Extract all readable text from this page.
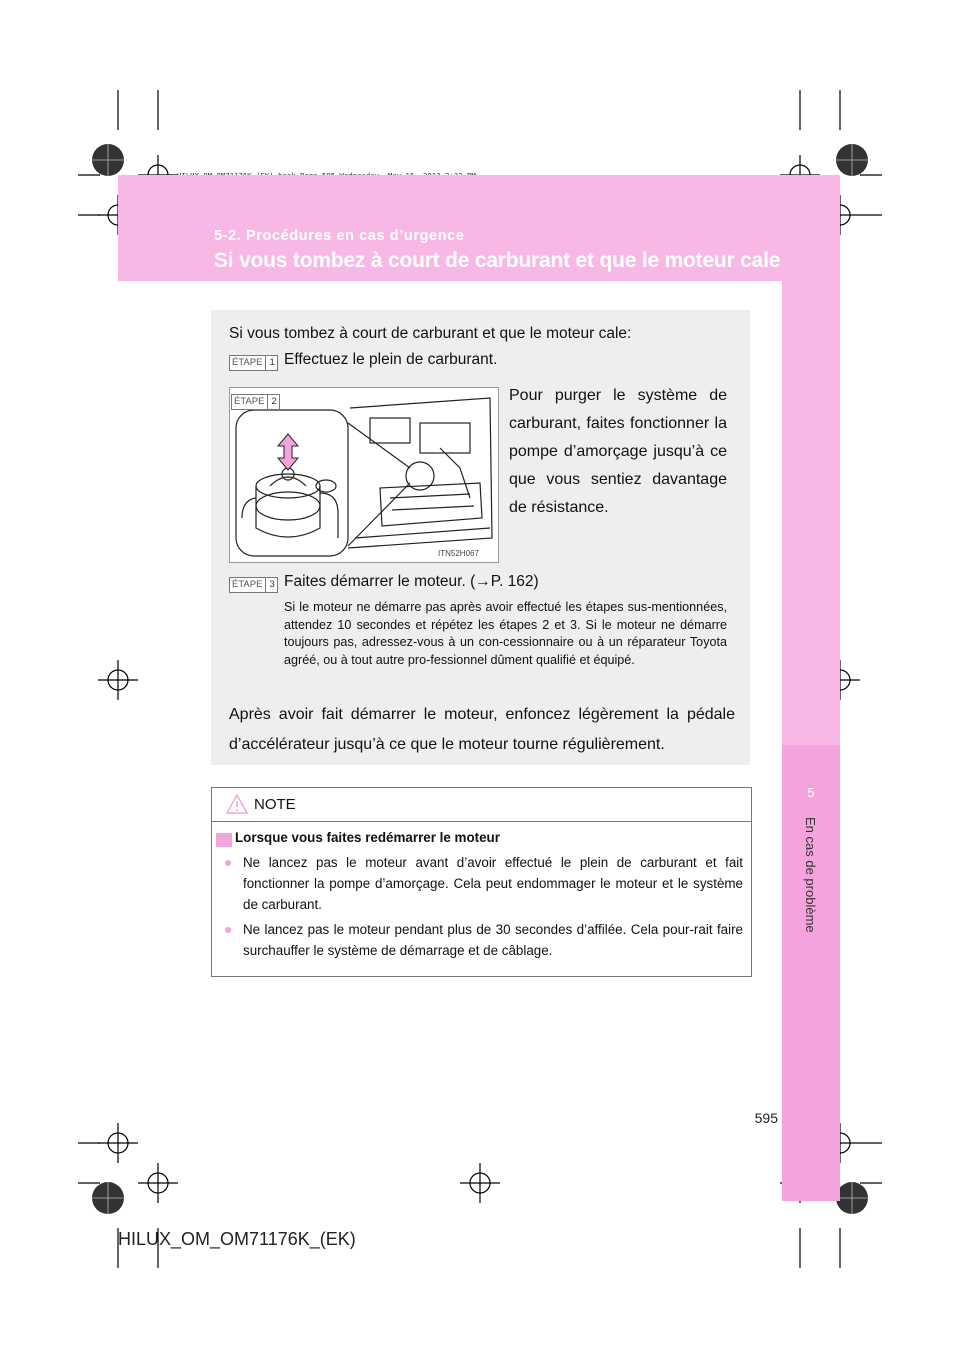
5-2. Procédures en cas d’urgence
Si vous tombez à court de carburant et que le moteur cale
5
En cas de problème
Si vous tombez à court de carburant et que le moteur cale:
ÉTAPE 1 Effectuez le plein de carburant.
ITN52H067
ÉTAPE 2	Pour purger le système de carburant, faites fonctionner la pompe d’amorçage jusqu’à ce que vous sentiez davantage de résistance.
ÉTAPE 3 Faites démarrer le moteur. (→P. 162)
Si le moteur ne démarre pas après avoir effectué les étapes sus-mentionnées, attendez 10 secondes et répétez les étapes 2 et 3. Si le moteur ne démarre toujours pas, adressez-vous à un con-cessionnaire ou à un réparateur Toyota agréé, ou à tout autre pro-fessionnel dûment qualifié et équipé.
Après avoir fait démarrer le moteur, enfoncez légèrement la pédale d’accélérateur jusqu’à ce que le moteur tourne régulièrement.
NOTE
Lorsque vous faites redémarrer le moteur
● Ne lancez pas le moteur avant d’avoir effectué le plein de carburant et fait fonctionner la pompe d’amorçage. Cela peut endommager le moteur et le système de carburant.
● Ne lancez pas le moteur pendant plus de 30 secondes d’affilée. Cela pour-rait faire surchauffer le système de démarrage et de câblage.
595
HILUX_OM_OM71176K_(EK)
